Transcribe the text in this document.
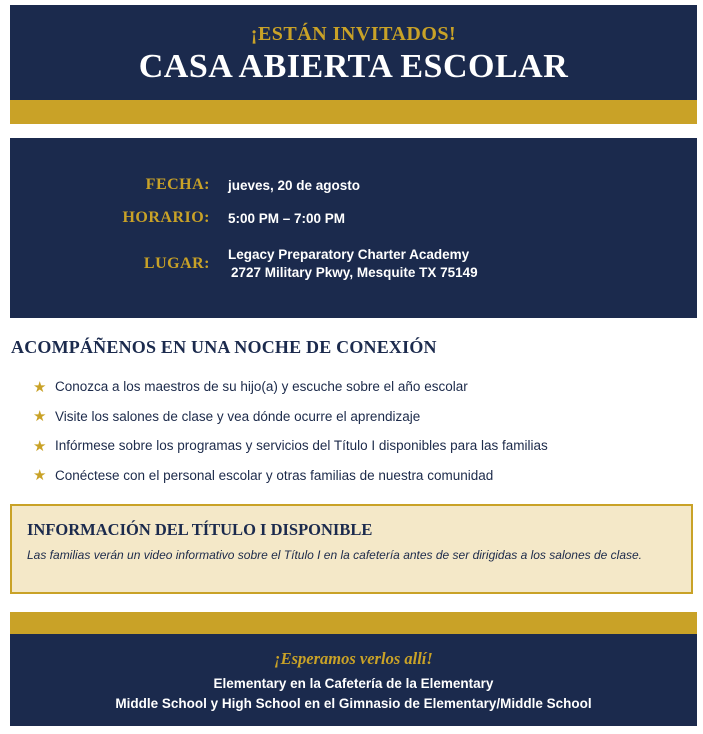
¡ESTÁN INVITADOS!
CASA ABIERTA ESCOLAR
FECHA: jueves, 20 de agosto
HORARIO: 5:00 PM – 7:00 PM
LUGAR:
Legacy Preparatory Charter Academy
2727 Military Pkwy, Mesquite TX 75149
ACOMPÁÑENOS EN UNA NOCHE DE CONEXIÓN
★ Conozca a los maestros de su hijo(a) y escuche sobre el año escolar
★ Visite los salones de clase y vea dónde ocurre el aprendizaje
★ Infórmese sobre los programas y servicios del Título I disponibles para las familias
★ Conéctese con el personal escolar y otras familias de nuestra comunidad
INFORMACIÓN DEL TÍTULO I DISPONIBLE
Las familias verán un video informativo sobre el Título I en la cafetería antes de ser dirigidas a los salones de clase.
¡Esperamos verlos allí!
Elementary en la Cafetería de la Elementary
Middle School y High School en el Gimnasio de Elementary/Middle School
